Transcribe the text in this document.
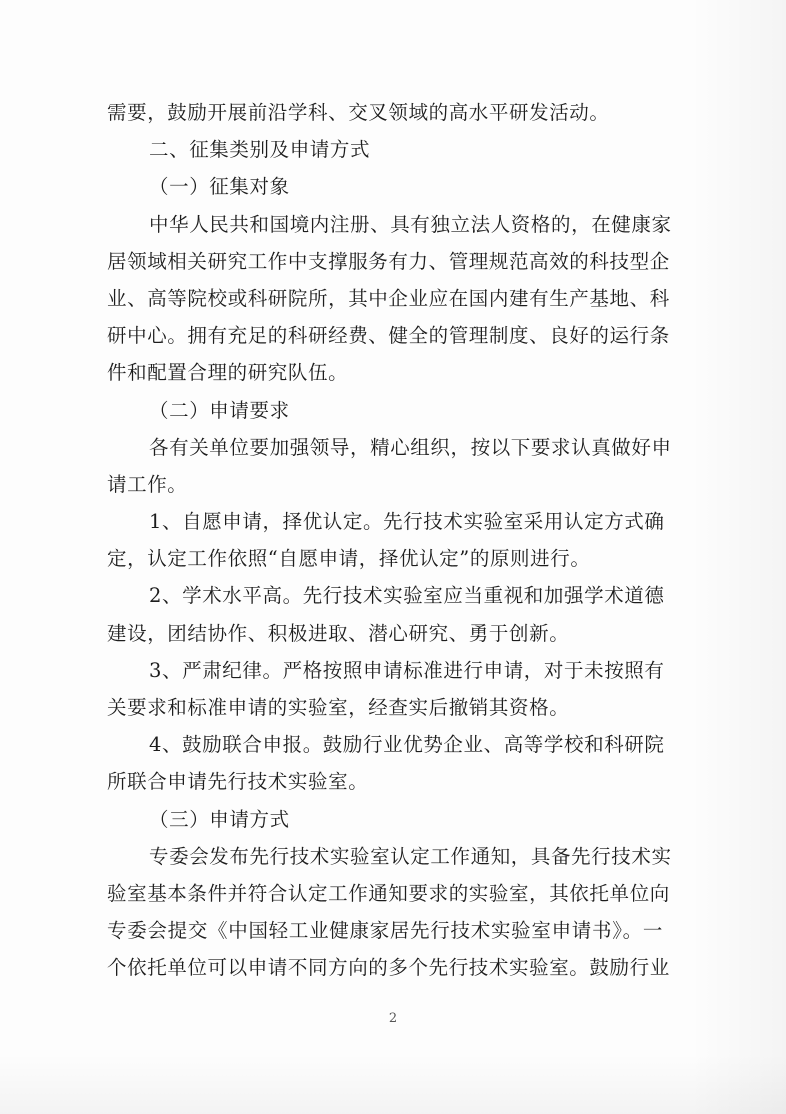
需要，鼓励开展前沿学科、交叉领域的高水平研发活动。
二、征集类别及申请方式
（一）征集对象
中华人民共和国境内注册、具有独立法人资格的，在健康家
居领域相关研究工作中支撑服务有力、管理规范高效的科技型企
业、高等院校或科研院所，其中企业应在国内建有生产基地、科
研中心。拥有充足的科研经费、健全的管理制度、良好的运行条
件和配置合理的研究队伍。
（二）申请要求
各有关单位要加强领导，精心组织，按以下要求认真做好申
请工作。
1、自愿申请，择优认定。先行技术实验室采用认定方式确
定，认定工作依照“自愿申请，择优认定”的原则进行。
2、学术水平高。先行技术实验室应当重视和加强学术道德
建设，团结协作、积极进取、潜心研究、勇于创新。
3、严肃纪律。严格按照申请标准进行申请，对于未按照有
关要求和标准申请的实验室，经查实后撤销其资格。
4、鼓励联合申报。鼓励行业优势企业、高等学校和科研院
所联合申请先行技术实验室。
（三）申请方式
专委会发布先行技术实验室认定工作通知，具备先行技术实
验室基本条件并符合认定工作通知要求的实验室，其依托单位向
专委会提交《中国轻工业健康家居先行技术实验室申请书》。一
个依托单位可以申请不同方向的多个先行技术实验室。鼓励行业
2
